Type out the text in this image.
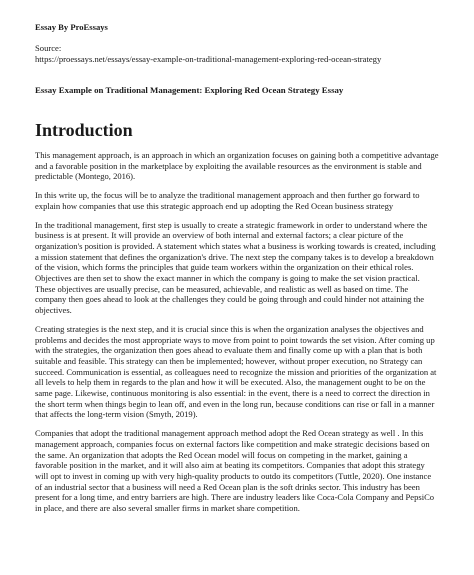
Essay By ProEssays

Source:
https://proessays.net/essays/essay-example-on-traditional-management-exploring-red-ocean-strategy
Essay Example on Traditional Management: Exploring Red Ocean Strategy Essay
Introduction

This management approach, is an approach in which an organization focuses on gaining both a competitive advantage and a favorable position in the marketplace by exploiting the available resources as the environment is stable and predictable (Montego, 2016).

In this write up, the focus will be to analyze the traditional management approach and then further go forward to explain how companies that use this strategic approach end up adopting the Red Ocean business strategy

In the traditional management, first step is usually to create a strategic framework in order to understand where the business is at present. It will provide an overview of both internal and external factors; a clear picture of the organization's position is provided. A statement which states what a business is working towards is created, including a mission statement that defines the organization's drive. The next step the company takes is to develop a breakdown of the vision, which forms the principles that guide team workers within the organization on their ethical roles. Objectives are then set to show the exact manner in which the company is going to make the set vision practical. These objectives are usually precise, can be measured, achievable, and realistic as well as based on time. The company then goes ahead to look at the challenges they could be going through and could hinder not attaining the objectives.

Creating strategies is the next step, and it is crucial since this is when the organization analyses the objectives and problems and decides the most appropriate ways to move from point to point towards the set vision. After coming up with the strategies, the organization then goes ahead to evaluate them and finally come up with a plan that is both suitable and feasible. This strategy can then be implemented; however, without proper execution, no Strategy can succeed. Communication is essential, as colleagues need to recognize the mission and priorities of the organization at all levels to help them in regards to the plan and how it will be executed. Also, the management ought to be on the same page. Likewise, continuous monitoring is also essential: in the event, there is a need to correct the direction in the short term when things begin to lean off, and even in the long run, because conditions can rise or fall in a manner that affects the long-term vision (Smyth, 2019).

Companies that adopt the traditional management approach method adopt the Red Ocean strategy as well . In this management approach, companies focus on external factors like competition and make strategic decisions based on the same. An organization that adopts the Red Ocean model will focus on competing in the market, gaining a favorable position in the market, and it will also aim at beating its competitors. Companies that adopt this strategy will opt to invest in coming up with very high-quality products to outdo its competitors (Tuttle, 2020). One instance of an industrial sector that a business will need a Red Ocean plan is the soft drinks sector. This industry has been present for a long time, and entry barriers are high. There are industry leaders like Coca-Cola Company and PepsiCo in place, and there are also several smaller firms in market share competition.
